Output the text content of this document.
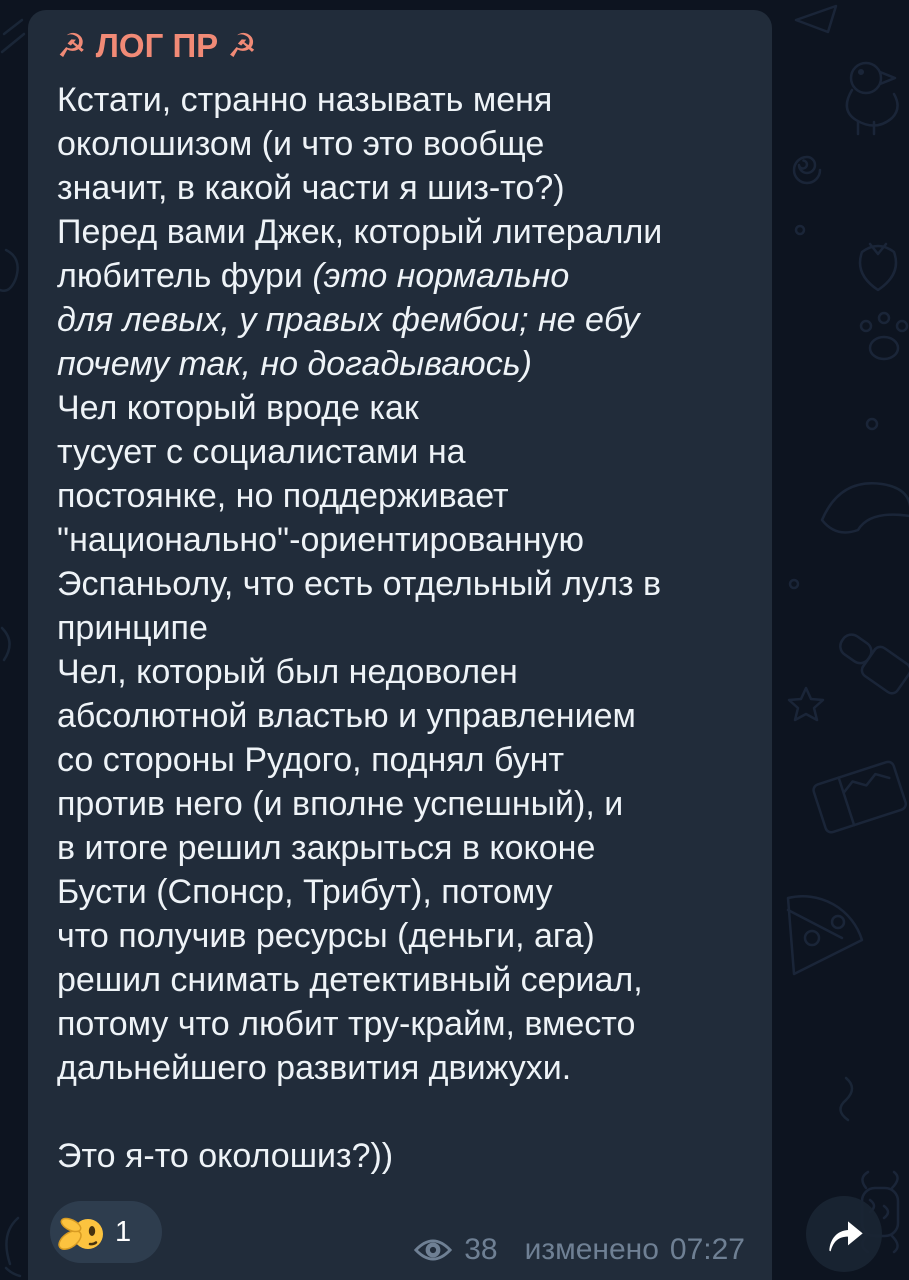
☭ ЛОГ ПР ☭
Кстати, странно называть меня
околошизом (и что это вообще
значит, в какой части я шиз-то?)
Перед вами Джек, который литералли
любитель фури (это нормально
для левых, у правых фембои; не ебу
почему так, но догадываюсь)
Чел который вроде как
тусует с социалистами на
постоянке, но поддерживает
"национально"-ориентированную
Эспаньолу, что есть отдельный лулз в
принципе
Чел, который был недоволен
абсолютной властью и управлением
со стороны Рудого, поднял бунт
против него (и вполне успешный), и
в итоге решил закрыться в коконе
Бусти (Спонср, Трибут), потому
что получив ресурсы (деньги, ага)
решил снимать детективный сериал,
потому что любит тру-крайм, вместо
дальнейшего развития движухи.

Это я-то околошиз?))
1
38 изменено 07:27
